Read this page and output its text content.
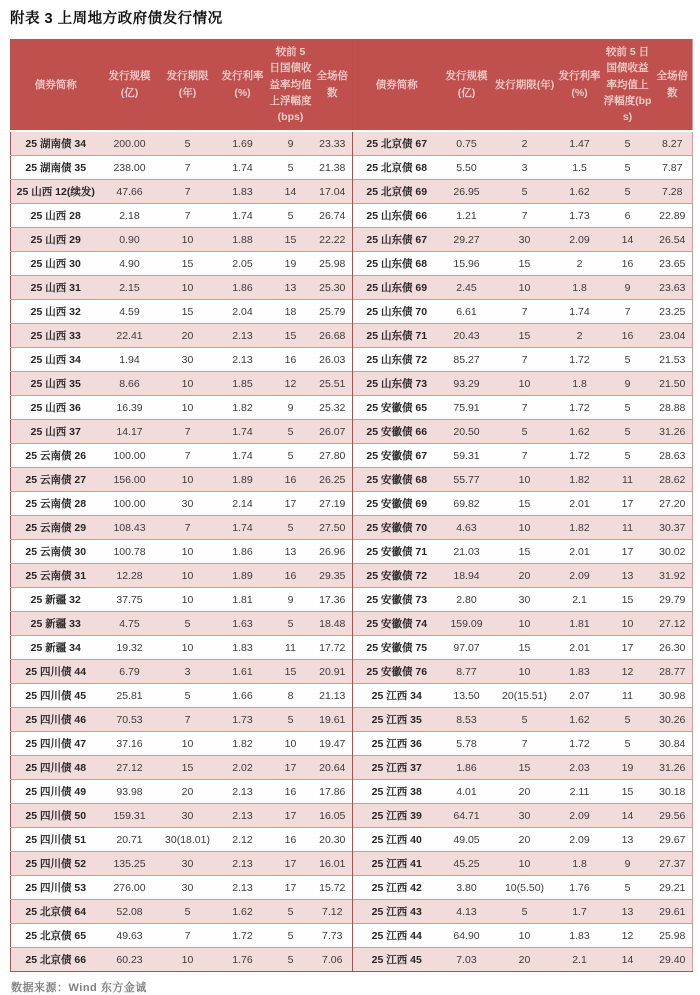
附表 3 上周地方政府债发行情况
债券简称	发行规模(亿)	发行期限(年)	发行利率(%)	较前 5 日国债收益率均值上浮幅度(bps)	全场倍数	债券简称	发行规模(亿)	发行期限(年)	发行利率(%)	较前 5 日国债收益率均值上浮幅度(bps)	全场倍数
25 湖南债 34	200.00	5	1.69	9	23.33	25 北京债 67	0.75	2	1.47	5	8.27
25 湖南债 35	238.00	7	1.74	5	21.38	25 北京债 68	5.50	3	1.5	5	7.87
25 山西 12(续发)	47.66	7	1.83	14	17.04	25 北京债 69	26.95	5	1.62	5	7.28
25 山西 28	2.18	7	1.74	5	26.74	25 山东债 66	1.21	7	1.73	6	22.89
25 山西 29	0.90	10	1.88	15	22.22	25 山东债 67	29.27	30	2.09	14	26.54
25 山西 30	4.90	15	2.05	19	25.98	25 山东债 68	15.96	15	2	16	23.65
25 山西 31	2.15	10	1.86	13	25.30	25 山东债 69	2.45	10	1.8	9	23.63
25 山西 32	4.59	15	2.04	18	25.79	25 山东债 70	6.61	7	1.74	7	23.25
25 山西 33	22.41	20	2.13	15	26.68	25 山东债 71	20.43	15	2	16	23.04
25 山西 34	1.94	30	2.13	16	26.03	25 山东债 72	85.27	7	1.72	5	21.53
25 山西 35	8.66	10	1.85	12	25.51	25 山东债 73	93.29	10	1.8	9	21.50
25 山西 36	16.39	10	1.82	9	25.32	25 安徽债 65	75.91	7	1.72	5	28.88
25 山西 37	14.17	7	1.74	5	26.07	25 安徽债 66	20.50	5	1.62	5	31.26
25 云南债 26	100.00	7	1.74	5	27.80	25 安徽债 67	59.31	7	1.72	5	28.63
25 云南债 27	156.00	10	1.89	16	26.25	25 安徽债 68	55.77	10	1.82	11	28.62
25 云南债 28	100.00	30	2.14	17	27.19	25 安徽债 69	69.82	15	2.01	17	27.20
25 云南债 29	108.43	7	1.74	5	27.50	25 安徽债 70	4.63	10	1.82	11	30.37
25 云南债 30	100.78	10	1.86	13	26.96	25 安徽债 71	21.03	15	2.01	17	30.02
25 云南债 31	12.28	10	1.89	16	29.35	25 安徽债 72	18.94	20	2.09	13	31.92
25 新疆 32	37.75	10	1.81	9	17.36	25 安徽债 73	2.80	30	2.1	15	29.79
25 新疆 33	4.75	5	1.63	5	18.48	25 安徽债 74	159.09	10	1.81	10	27.12
25 新疆 34	19.32	10	1.83	11	17.72	25 安徽债 75	97.07	15	2.01	17	26.30
25 四川债 44	6.79	3	1.61	15	20.91	25 安徽债 76	8.77	10	1.83	12	28.77
25 四川债 45	25.81	5	1.66	8	21.13	25 江西 34	13.50	20(15.51)	2.07	11	30.98
25 四川债 46	70.53	7	1.73	5	19.61	25 江西 35	8.53	5	1.62	5	30.26
25 四川债 47	37.16	10	1.82	10	19.47	25 江西 36	5.78	7	1.72	5	30.84
25 四川债 48	27.12	15	2.02	17	20.64	25 江西 37	1.86	15	2.03	19	31.26
25 四川债 49	93.98	20	2.13	16	17.86	25 江西 38	4.01	20	2.11	15	30.18
25 四川债 50	159.31	30	2.13	17	16.05	25 江西 39	64.71	30	2.09	14	29.56
25 四川债 51	20.71	30(18.01)	2.12	16	20.30	25 江西 40	49.05	20	2.09	13	29.67
25 四川债 52	135.25	30	2.13	17	16.01	25 江西 41	45.25	10	1.8	9	27.37
25 四川债 53	276.00	30	2.13	17	15.72	25 江西 42	3.80	10(5.50)	1.76	5	29.21
25 北京债 64	52.08	5	1.62	5	7.12	25 江西 43	4.13	5	1.7	13	29.61
25 北京债 65	49.63	7	1.72	5	7.73	25 江西 44	64.90	10	1.83	12	25.98
25 北京债 66	60.23	10	1.76	5	7.06	25 江西 45	7.03	20	2.1	14	29.40
数据来源：Wind 东方金诚
